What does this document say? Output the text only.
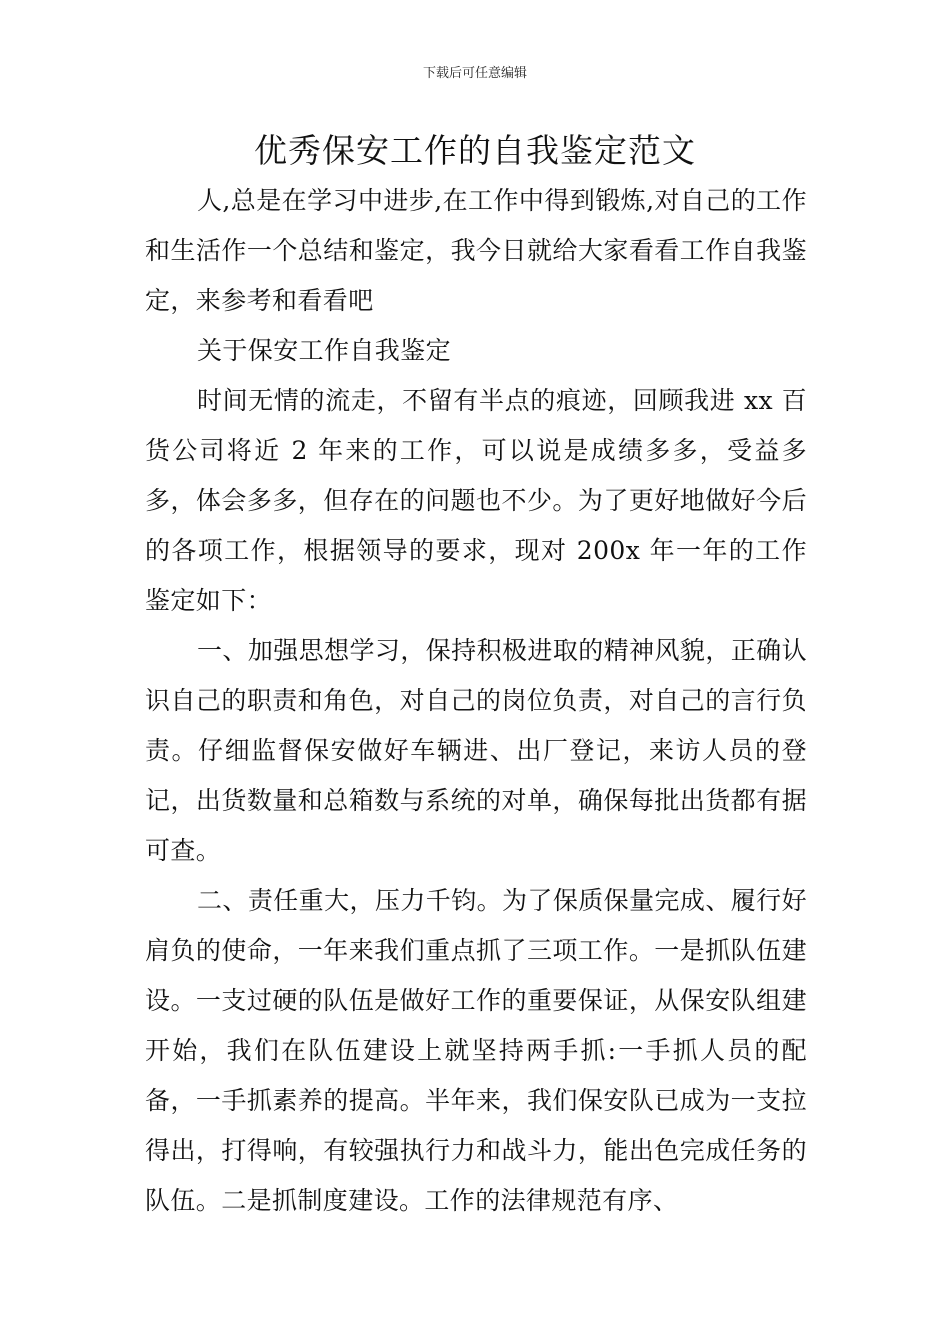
下载后可任意编辑
优秀保安工作的自我鉴定范文

人,总是在学习中进步,在工作中得到锻炼,对自己的工作和生活作一个总结和鉴定，我今日就给大家看看工作自我鉴定，来参考和看看吧

关于保安工作自我鉴定

时间无情的流走，不留有半点的痕迹，回顾我进 xx 百货公司将近 2 年来的工作，可以说是成绩多多，受益多多，体会多多，但存在的问题也不少。为了更好地做好今后的各项工作，根据领导的要求，现对 200x 年一年的工作鉴定如下：

一、加强思想学习，保持积极进取的精神风貌，正确认识自己的职责和角色，对自己的岗位负责，对自己的言行负责。仔细监督保安做好车辆进、出厂登记，来访人员的登记，出货数量和总箱数与系统的对单，确保每批出货都有据可查。

二、责任重大，压力千钧。为了保质保量完成、履行好肩负的使命，一年来我们重点抓了三项工作。一是抓队伍建设。一支过硬的队伍是做好工作的重要保证，从保安队组建开始，我们在队伍建设上就坚持两手抓:一手抓人员的配备，一手抓素养的提高。半年来，我们保安队已成为一支拉得出，打得响，有较强执行力和战斗力，能出色完成任务的队伍。二是抓制度建设。工作的法律规范有序、
